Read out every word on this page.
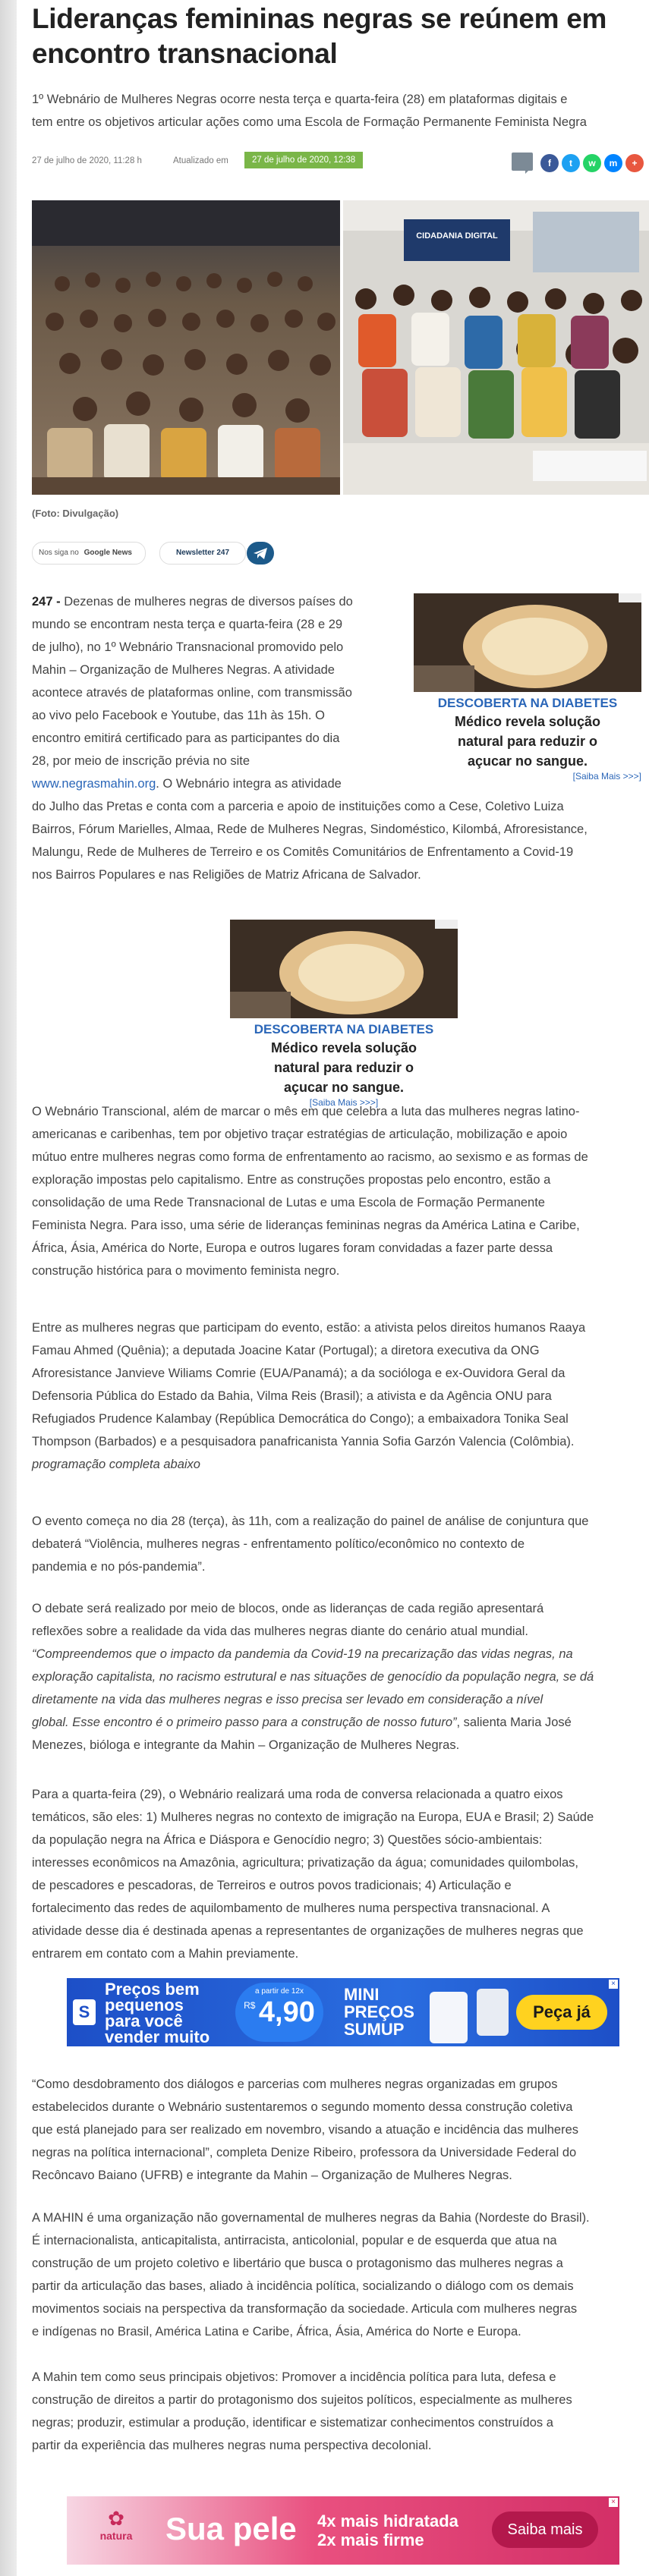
Lideranças femininas negras se reúnem em
encontro transnacional
1º Webnário de Mulheres Negras ocorre nesta terça e quarta-feira (28) em plataformas digitais e
tem entre os objetivos articular ações como uma Escola de Formação Permanente Feminista Negra
27 de julho de 2020, 11:28 h	Atualizado em	27 de julho de 2020, 12:38	f	t	w	m	+
CIDADANIA DIGITAL
(Foto: Divulgação)
Nos siga no Google News	Newsletter 247

247 - Dezenas de mulheres negras de diversos países do

mundo se encontram nesta terça e quarta-feira (28 e 29

de julho), no 1º Webnário Transnacional promovido pelo

Mahin – Organização de Mulheres Negras. A atividade

acontece através de plataformas online, com transmissão

ao vivo pelo Facebook e Youtube, das 11h às 15h. O

encontro emitirá certificado para as participantes do dia

28, por meio de inscrição prévia no site

www.negrasmahin.org. O Webnário integra as atividade

do Julho das Pretas e conta com a parceria e apoio de instituições como a Cese, Coletivo Luiza

Bairros, Fórum Marielles, Almaa, Rede de Mulheres Negras, Sindoméstico, Kilombá, Afroresistance,

Malungu, Rede de Mulheres de Terreiro e os Comitês Comunitários de Enfrentamento a Covid-19

nos Bairros Populares e nas Religiões de Matriz Africana de Salvador.

DESCOBERTA NA DIABETES
Médico revela solução
natural para reduzir o
açucar no sangue.
[Saiba Mais >>>]
DESCOBERTA NA DIABETES
Médico revela solução
natural para reduzir o
açucar no sangue.
[Saiba Mais >>>]

O Webnário Transcional, além de marcar o mês em que celebra a luta das mulheres negras latino-

americanas e caribenhas, tem por objetivo traçar estratégias de articulação, mobilização e apoio

mútuo entre mulheres negras como forma de enfrentamento ao racismo, ao sexismo e as formas de

exploração impostas pelo capitalismo. Entre as construções propostas pelo encontro, estão a

consolidação de uma Rede Transnacional de Lutas e uma Escola de Formação Permanente

Feminista Negra. Para isso, uma série de lideranças femininas negras da América Latina e Caribe,

África, Ásia, América do Norte, Europa e outros lugares foram convidadas a fazer parte dessa

construção histórica para o movimento feminista negro.

Entre as mulheres negras que participam do evento, estão: a ativista pelos direitos humanos Raaya

Famau Ahmed (Quênia); a deputada Joacine Katar (Portugal); a diretora executiva da ONG

Afroresistance Janvieve Wiliams Comrie (EUA/Panamá); a da socióloga e ex-Ouvidora Geral da

Defensoria Pública do Estado da Bahia, Vilma Reis (Brasil); a ativista e da Agência ONU para

Refugiados Prudence Kalambay (República Democrática do Congo); a embaixadora Tonika Seal

Thompson (Barbados) e a pesquisadora panafricanista Yannia Sofia Garzón Valencia (Colômbia).

programação completa abaixo

O evento começa no dia 28 (terça), às 11h, com a realização do painel de análise de conjuntura que

debaterá “Violência, mulheres negras - enfrentamento político/econômico no contexto de

pandemia e no pós-pandemia”.

O debate será realizado por meio de blocos, onde as lideranças de cada região apresentará

reflexões sobre a realidade da vida das mulheres negras diante do cenário atual mundial.

“Compreendemos que o impacto da pandemia da Covid-19 na precarização das vidas negras, na

exploração capitalista, no racismo estrutural e nas situações de genocídio da população negra, se dá

diretamente na vida das mulheres negras e isso precisa ser levado em consideração a nível

global. Esse encontro é o primeiro passo para a construção de nosso futuro”, salienta Maria José

Menezes, bióloga e integrante da Mahin – Organização de Mulheres Negras.

Para a quarta-feira (29), o Webnário realizará uma roda de conversa relacionada a quatro eixos

temáticos, são eles: 1) Mulheres negras no contexto de imigração na Europa, EUA e Brasil; 2) Saúde

da população negra na África e Diáspora e Genocídio negro; 3) Questões sócio-ambientais:

interesses econômicos na Amazônia, agricultura; privatização da água; comunidades quilombolas,

de pescadores e pescadoras, de Terreiros e outros povos tradicionais; 4) Articulação e

fortalecimento das redes de aquilombamento de mulheres numa perspectiva transnacional. A

atividade desse dia é destinada apenas a representantes de organizações de mulheres negras que

entrarem em contato com a Mahin previamente.

S
Preços bem
pequenos
para você
vender muito
a partir de 12x
R$ 4,90
MINI
PREÇOS
SUMUP
Peça já
×

“Como desdobramento dos diálogos e parcerias com mulheres negras organizadas em grupos

estabelecidos durante o Webnário sustentaremos o segundo momento dessa construção coletiva

que está planejado para ser realizado em novembro, visando a atuação e incidência das mulheres

negras na política internacional”, completa Denize Ribeiro, professora da Universidade Federal do

Recôncavo Baiano (UFRB) e integrante da Mahin – Organização de Mulheres Negras.

A MAHIN é uma organização não governamental de mulheres negras da Bahia (Nordeste do Brasil).

É internacionalista, anticapitalista, antirracista, anticolonial, popular e de esquerda que atua na

construção de um projeto coletivo e libertário que busca o protagonismo das mulheres negras a

partir da articulação das bases, aliado à incidência política, socializando o diálogo com os demais

movimentos sociais na perspectiva da transformação da sociedade. Articula com mulheres negras

e indígenas no Brasil, América Latina e Caribe, África, Ásia, América do Norte e Europa.

A Mahin tem como seus principais objetivos: Promover a incidência política para luta, defesa e

construção de direitos a partir do protagonismo dos sujeitos políticos, especialmente as mulheres

negras; produzir, estimular a produção, identificar e sistematizar conhecimentos construídos a

partir da experiência das mulheres negras numa perspectiva decolonial.

✿
natura	Sua pele 4x mais hidratada
2x mais firme
Saiba mais
×
